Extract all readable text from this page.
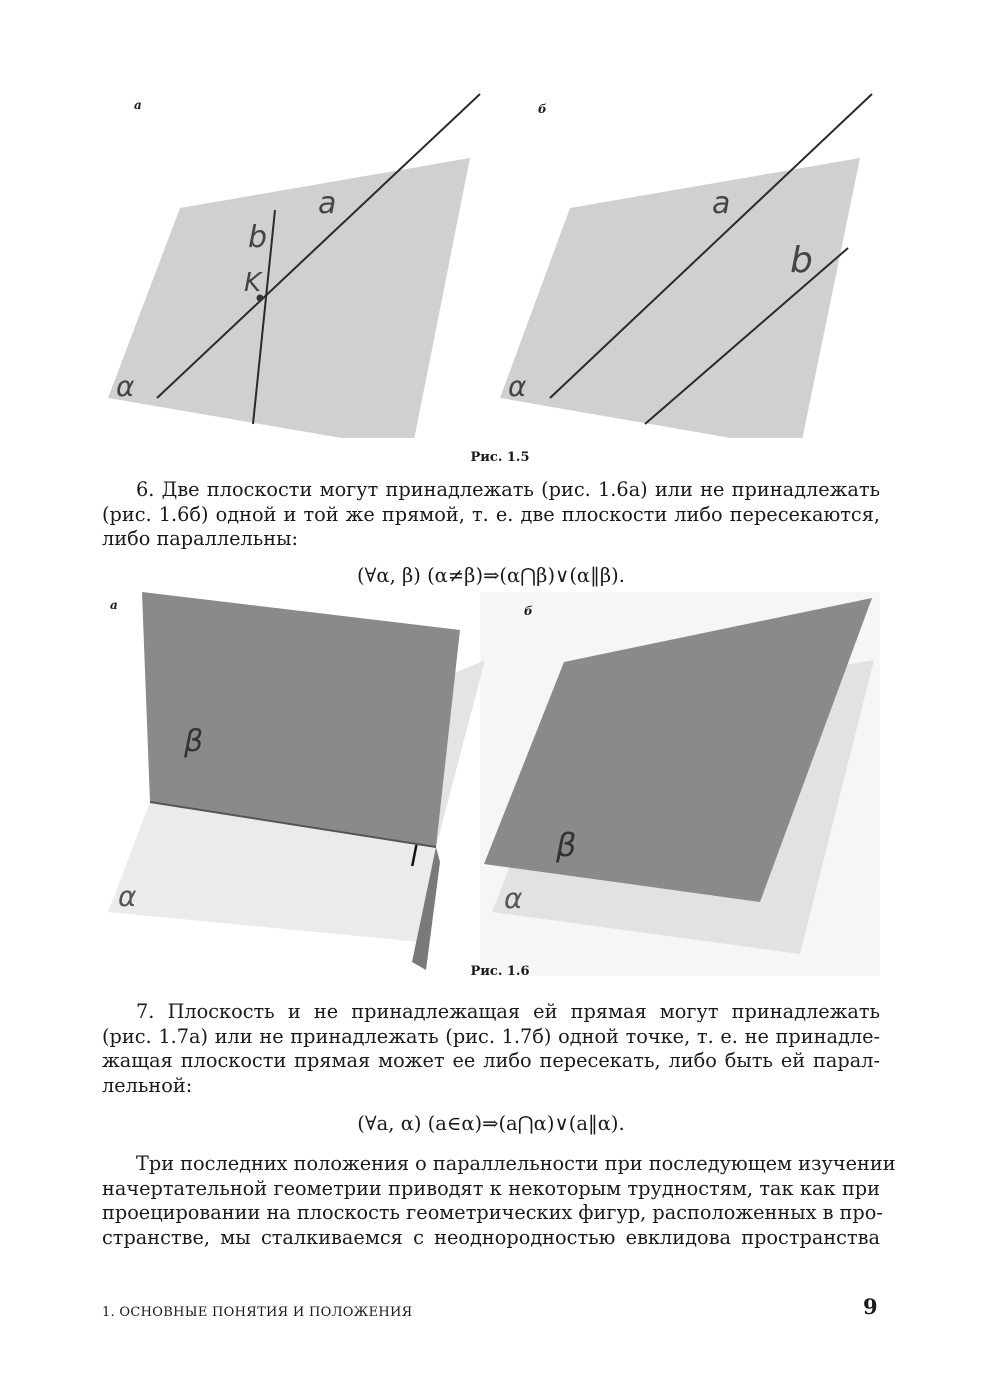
а	б
a
b
K
α
a
b
α
Рис. 1.5
6. Две плоскости могут принадлежать (рис. 1.6а) или не принадлежать
(рис. 1.6б) одной и той же прямой, т. е. две плоскости либо пересекаются,
либо параллельны:
(∀α, β) (α≠β)⇒(α⋂β)∨(α‖β).
а	б
β
l
α
β
α
Рис. 1.6
7. Плоскость и не принадлежащая ей прямая могут принадлежать
(рис. 1.7а) или не принадлежать (рис. 1.7б) одной точке, т. е. не принадле-
жащая плоскости прямая может ее либо пересекать, либо быть ей парал-
лельной:
(∀a, α) (a∈α)⇒(a⋂α)∨(a‖α).
Три последних положения о параллельности при последующем изучении
начертательной геометрии приводят к некоторым трудностям, так как при
проецировании на плоскость геометрических фигур, расположенных в про-
странстве, мы сталкиваемся с неоднородностью евклидова пространства
1. ОСНОВНЫЕ ПОНЯТИЯ И ПОЛОЖЕНИЯ	9
